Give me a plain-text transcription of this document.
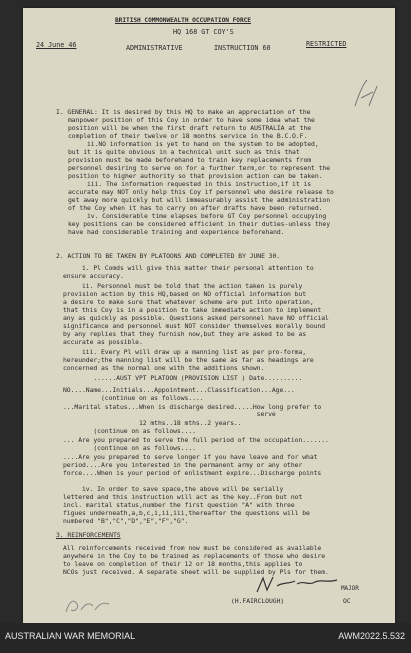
BRITISH COMMONWEALTH OCCUPATION FORCE
HQ 168 GT COY'S
24 June 46	ADMINISTRATIVE	INSTRUCTION 60	RESTRICTED
I. GENERAL: It is desired by this HQ to make an appreciation of the
manpower position of this Coy in order to have some idea what the
position will be when the first draft return to AUSTRALIA at the
completion of their twelve or 18 months service in the B.C.O.F.
ii.NO information is yet to hand on the system to be adopted,
but it is quite obvious in a technical unit such as this that
provision must be made beforehand to train key replacements from
personnel desiring to serve on for a further term,or to represent the
position to higher authority so that provision action can be taken.
iii. The information requested in this instruction,if it is
accurate may NOT only help this Coy if personnel who desire release to
get away more quickly but will immeasurably assist the administration
of the Coy when it has to carry on after drafts have been returned.
iv. Considerable time elapses before GT Coy personnel occupying
key positions can be considered efficient in their duties-unless they
have had considerable training and experience beforehand.
2. ACTION TO BE TAKEN BY PLATOONS AND COMPLETED BY JUNE 30.
i. Pl Comds will give this matter their personal attention to
ensure accuracy.
ii. Personnel must be told that the action taken is purely
provision action by this HQ,based on NO official information but
a desire to make sure that whatever scheme are put into operation,
that this Coy is in a position to take immediate action to implement
any as quickly as possible. Questions asked personnel have NO official
significance and personnel must NOT consider themselves morally bound
by any replies that they furnish now,but they are asked to be as
accurate as possible.
iii. Every Pl will draw up a manning list as per pro-forma,
hereunder;the manning list will be the same as far as headings are
concerned as the normal one with the additions shown.
......AUST VPT PLATOON (PROVISION LIST ) Date..........
NO....Name...Initials...Appointment...Classification...Age...
(continue on as follows....
...Marital status...When is discharge desired.....How long prefer to
serve
12 mths..18 mths..2 years..
(continue on as follows....
... Are you prepared to serve the full period of the occupation.......
(continue on as follows....
....Are you prepared to serve longer if you have leave and for what
period....Are you interested in the permanent army or any other
force....When is your period of enlistment expire...Discharge points
iv. In order to save space,the above will be serially
lettered and this instruction will act as the key..From but not
incl. marital status,number the first question "A" with three
figues underneath,a,b,c,i,ii,iii,thereafter the questions will be
numbered "B","C","D","E","F","G".
3. REINFORCEMENTS
All reinforcements received from now must be considered as available
anywhere in the Coy to be trained as replacements of those who desire
to leave on completion of their 12 or 18 months,this applies to
NCOs just received. A separate sheet will be supplied by Pls for them.
MAJOR
(H.FAIRCLOUGH)	OC
AUSTRALIAN WAR MEMORIAL	AWM2022.5.532
